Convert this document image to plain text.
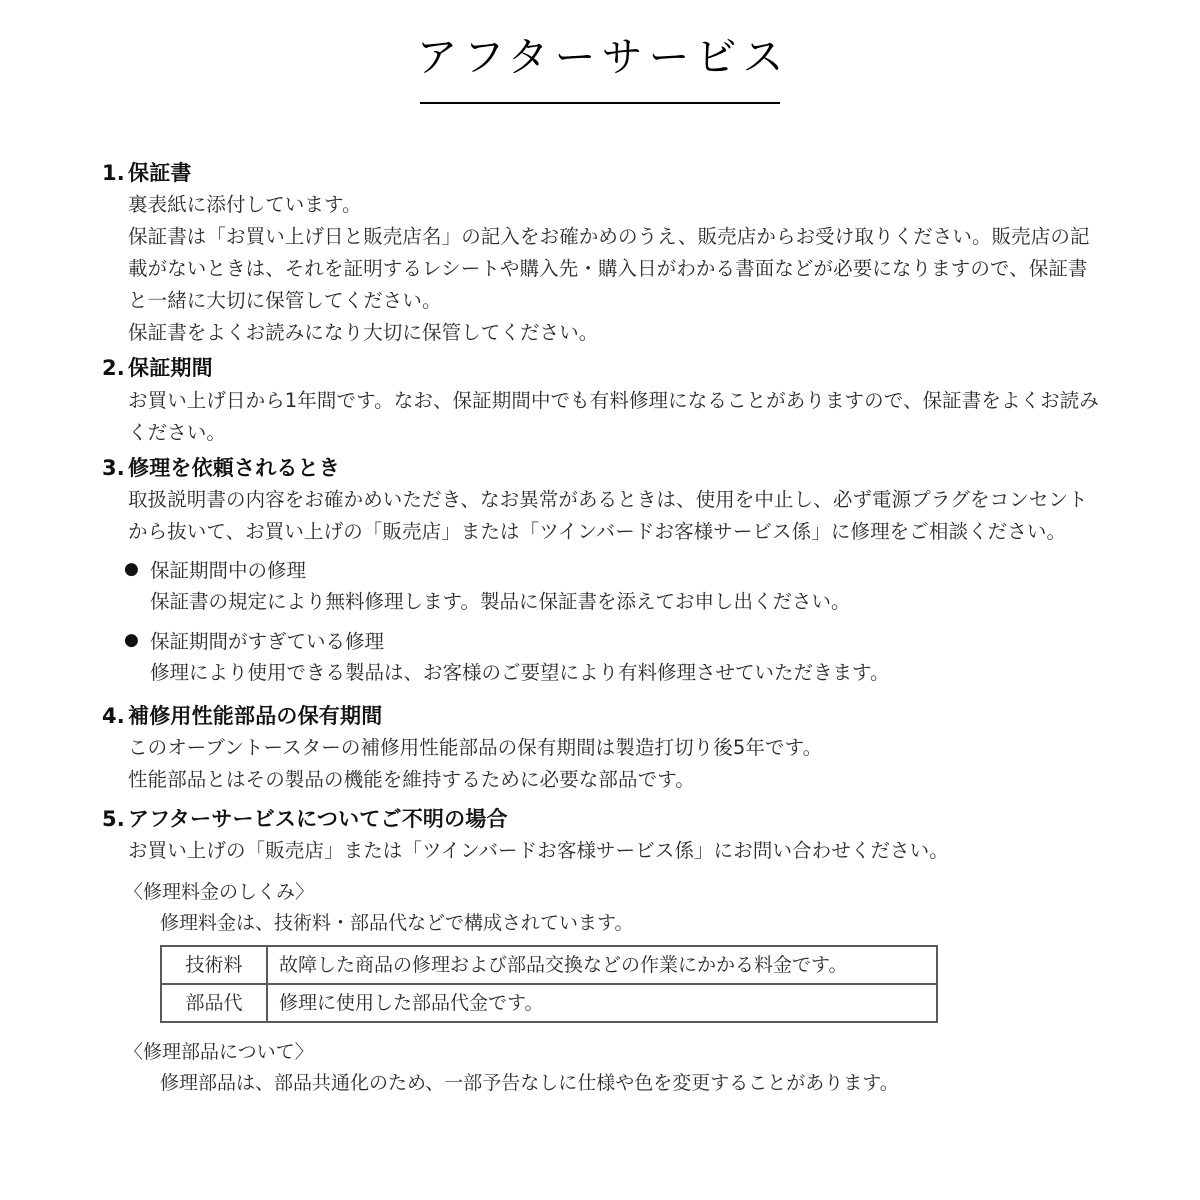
アフターサービス
1. 保証書

裏表紙に添付しています。

保証書は「お買い上げ日と販売店名」の記入をお確かめのうえ、販売店からお受け取りください。販売店の記載がないときは、それを証明するレシートや購入先・購入日がわかる書面などが必要になりますので、保証書と一緒に大切に保管してください。

保証書をよくお読みになり大切に保管してください。

2. 保証期間

お買い上げ日から1年間です。なお、保証期間中でも有料修理になることがありますので、保証書をよくお読みください。

3. 修理を依頼されるとき

取扱説明書の内容をお確かめいただき、なお異常があるときは、使用を中止し、必ず電源プラグをコンセントから抜いて、お買い上げの「販売店」または「ツインバードお客様サービス係」に修理をご相談ください。

● 保証期間中の修理
保証書の規定により無料修理します。製品に保証書を添えてお申し出ください。
● 保証期間がすぎている修理
修理により使用できる製品は、お客様のご要望により有料修理させていただきます。
4. 補修用性能部品の保有期間

このオーブントースターの補修用性能部品の保有期間は製造打切り後5年です。

性能部品とはその製品の機能を維持するために必要な部品です。

5. アフターサービスについてご不明の場合

お買い上げの「販売店」または「ツインバードお客様サービス係」にお問い合わせください。

〈修理料金のしくみ〉
修理料金は、技術料・部品代などで構成されています。
技術料	故障した商品の修理および部品交換などの作業にかかる料金です。
部品代	修理に使用した部品代金です。
〈修理部品について〉
修理部品は、部品共通化のため、一部予告なしに仕様や色を変更することがあります。
